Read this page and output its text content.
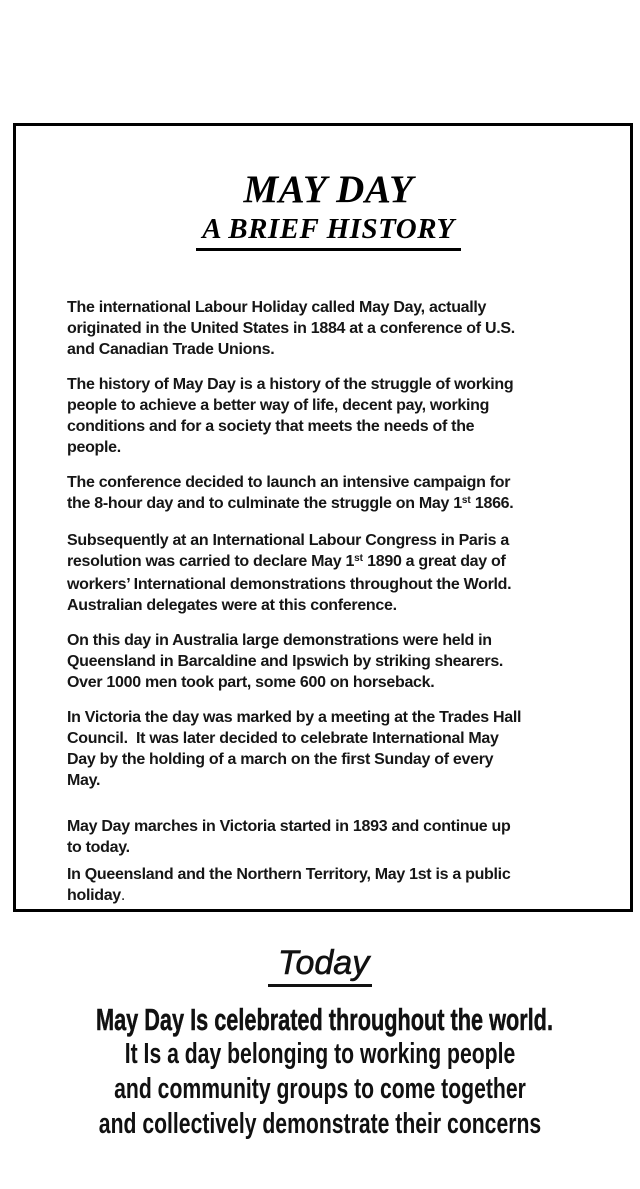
MAY DAY
A BRIEF HISTORY
The international Labour Holiday called May Day, actually
originated in the United States in 1884 at a conference of U.S.
and Canadian Trade Unions.
The history of May Day is a history of the struggle of working
people to achieve a better way of life, decent pay, working
conditions and for a society that meets the needs of the
people.
The conference decided to launch an intensive campaign for
the 8-hour day and to culminate the struggle on May 1st 1866.
Subsequently at an International Labour Congress in Paris a
resolution was carried to declare May 1st 1890 a great day of
workers’ International demonstrations throughout the World.
Australian delegates were at this conference.
On this day in Australia large demonstrations were held in
Queensland in Barcaldine and Ipswich by striking shearers.
Over 1000 men took part, some 600 on horseback.
In Victoria the day was marked by a meeting at the Trades Hall
Council.  It was later decided to celebrate International May
Day by the holding of a march on the first Sunday of every
May.
May Day marches in Victoria started in 1893 and continue up
to today.
In Queensland and the Northern Territory, May 1st is a public
holiday.
Today
May Day Is celebrated throughout the world.
It Is a day belonging to working people
and community groups to come together
and collectively demonstrate their concerns
